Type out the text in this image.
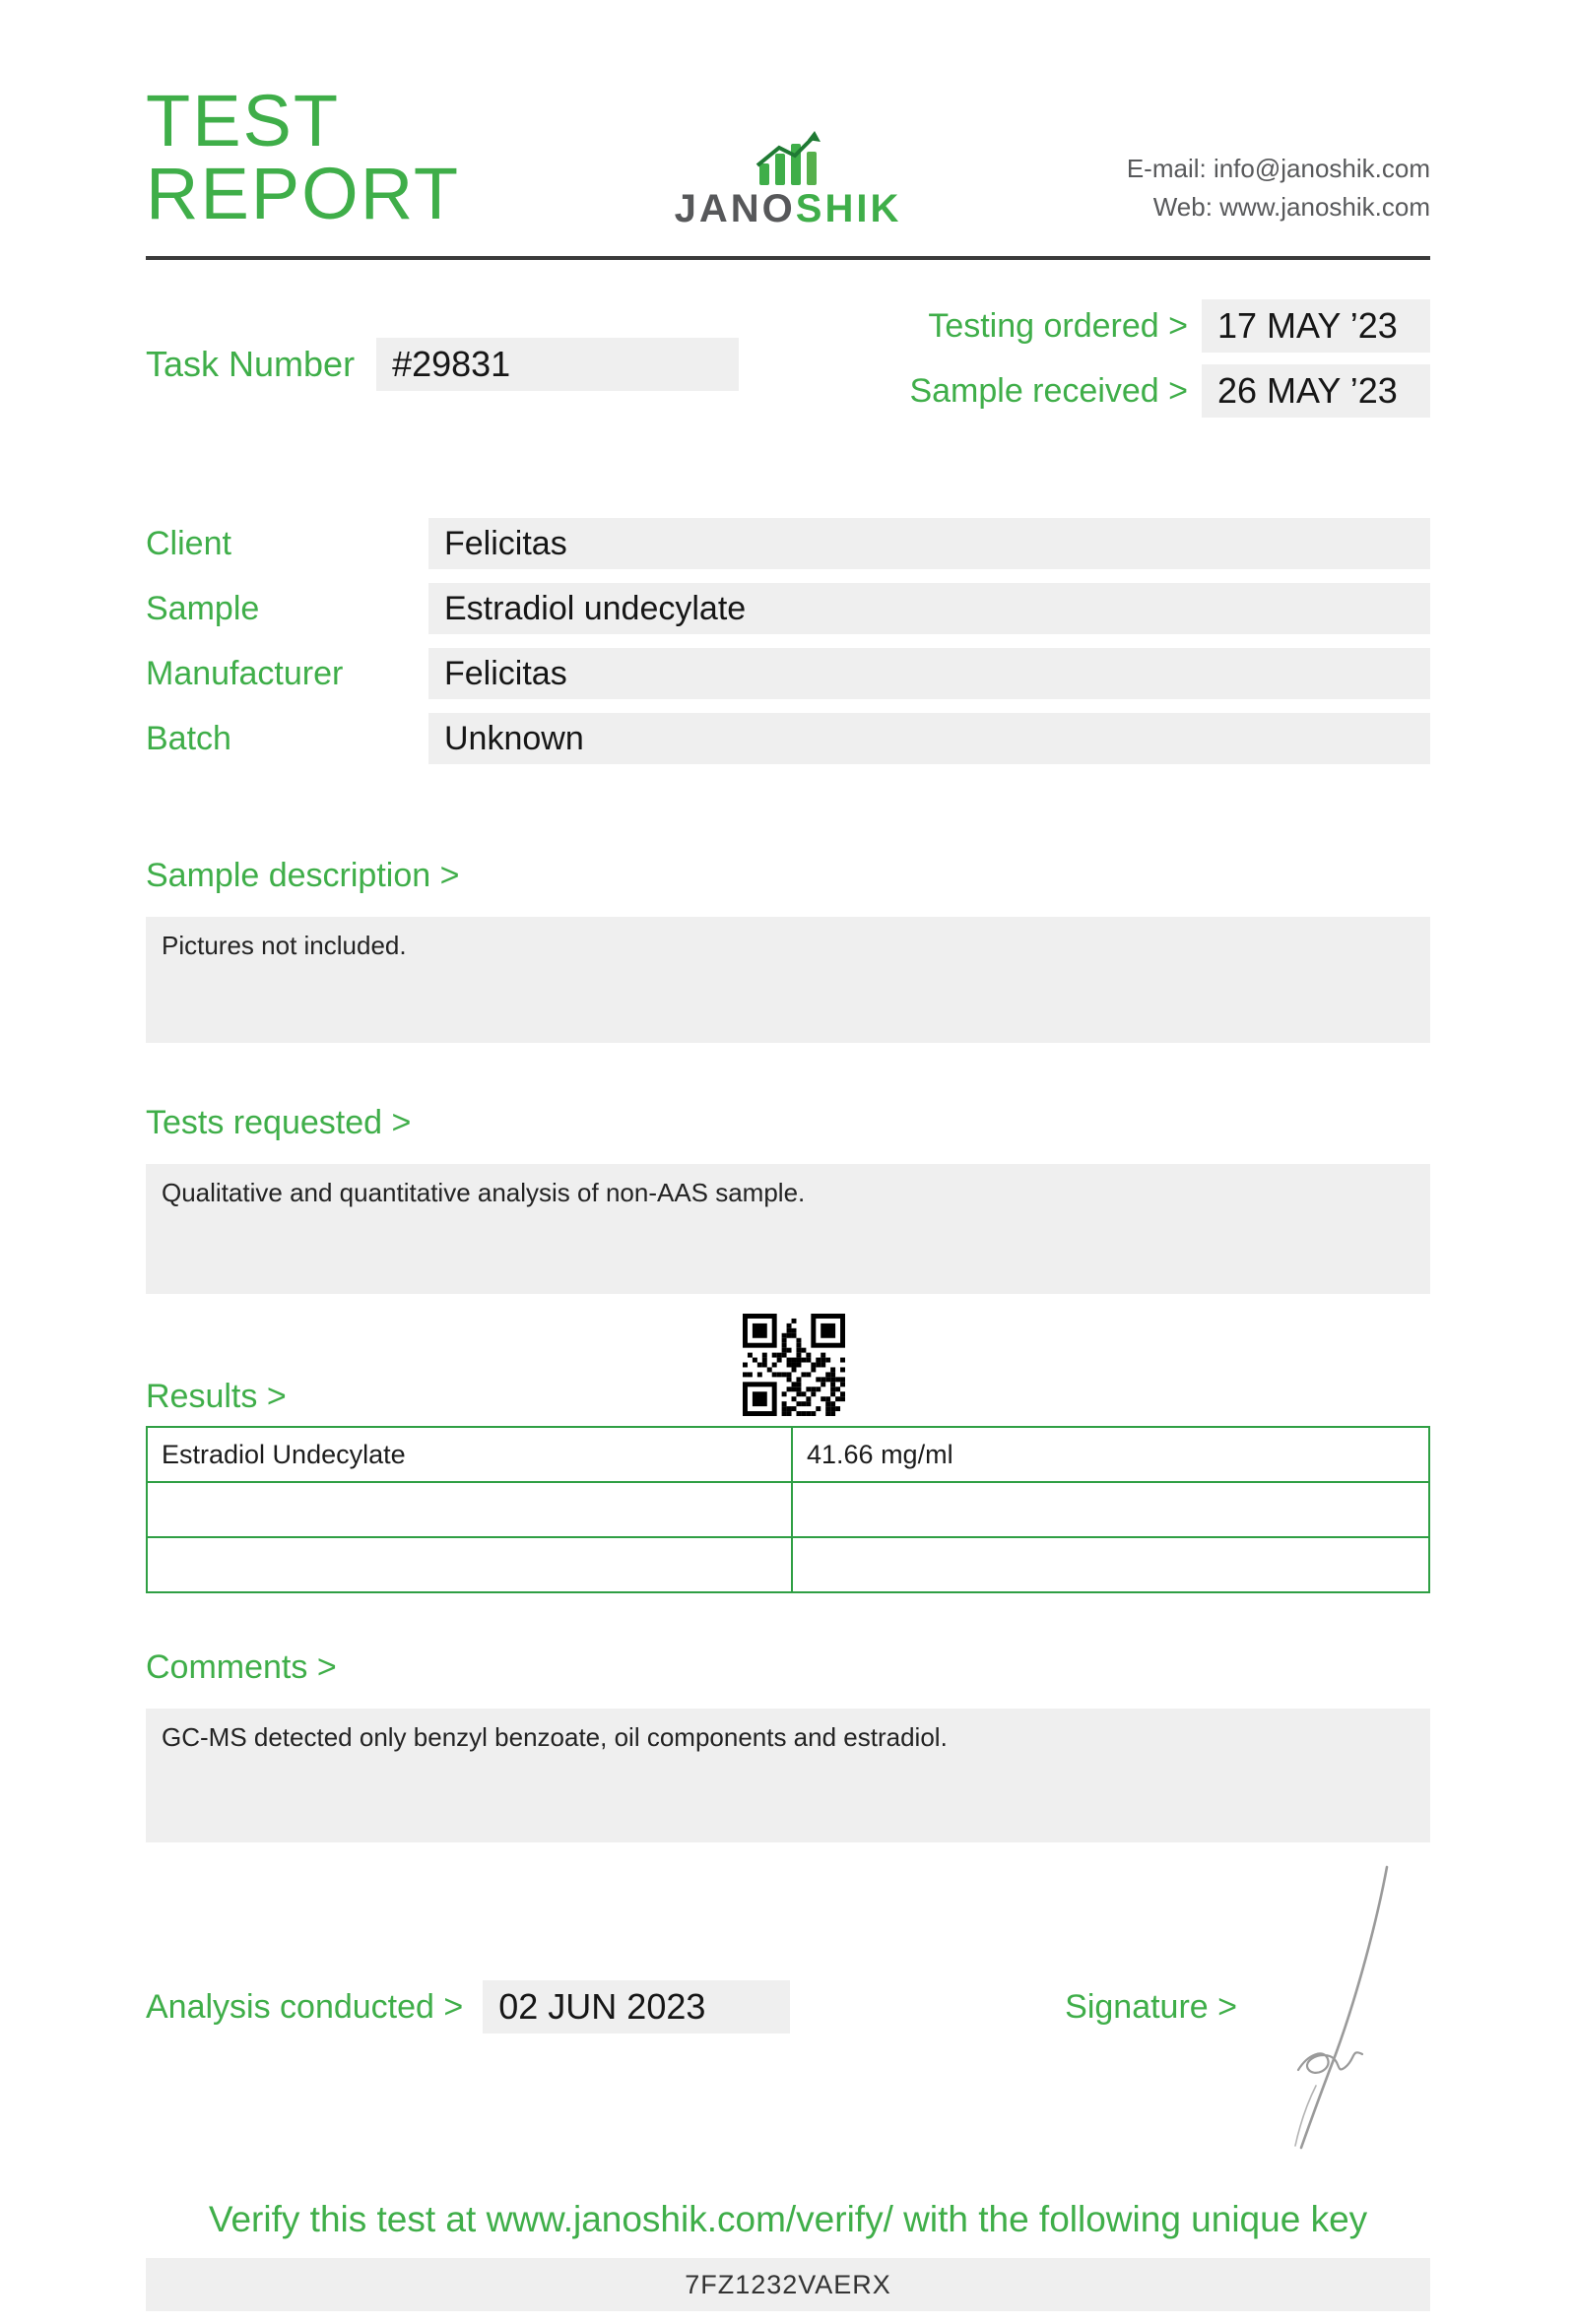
TEST REPORT	JANOSHIK
E-mail: info@janoshik.com
Web: www.janoshik.com
Task Number	#29831
Testing ordered > 17 MAY ’23
Sample received > 26 MAY ’23
Client	Felicitas
Sample	Estradiol undecylate
Manufacturer	Felicitas
Batch	Unknown
Sample description >
Pictures not included.
Tests requested >
Qualitative and quantitative analysis of non-AAS sample.
Results >
Estradiol Undecylate	41.66 mg/ml

Comments >
GC-MS detected only benzyl benzoate, oil components and estradiol.
Analysis conducted >	02 JUN 2023	Signature >
Verify this test at www.janoshik.com/verify/ with the following unique key
7FZ1232VAERX
